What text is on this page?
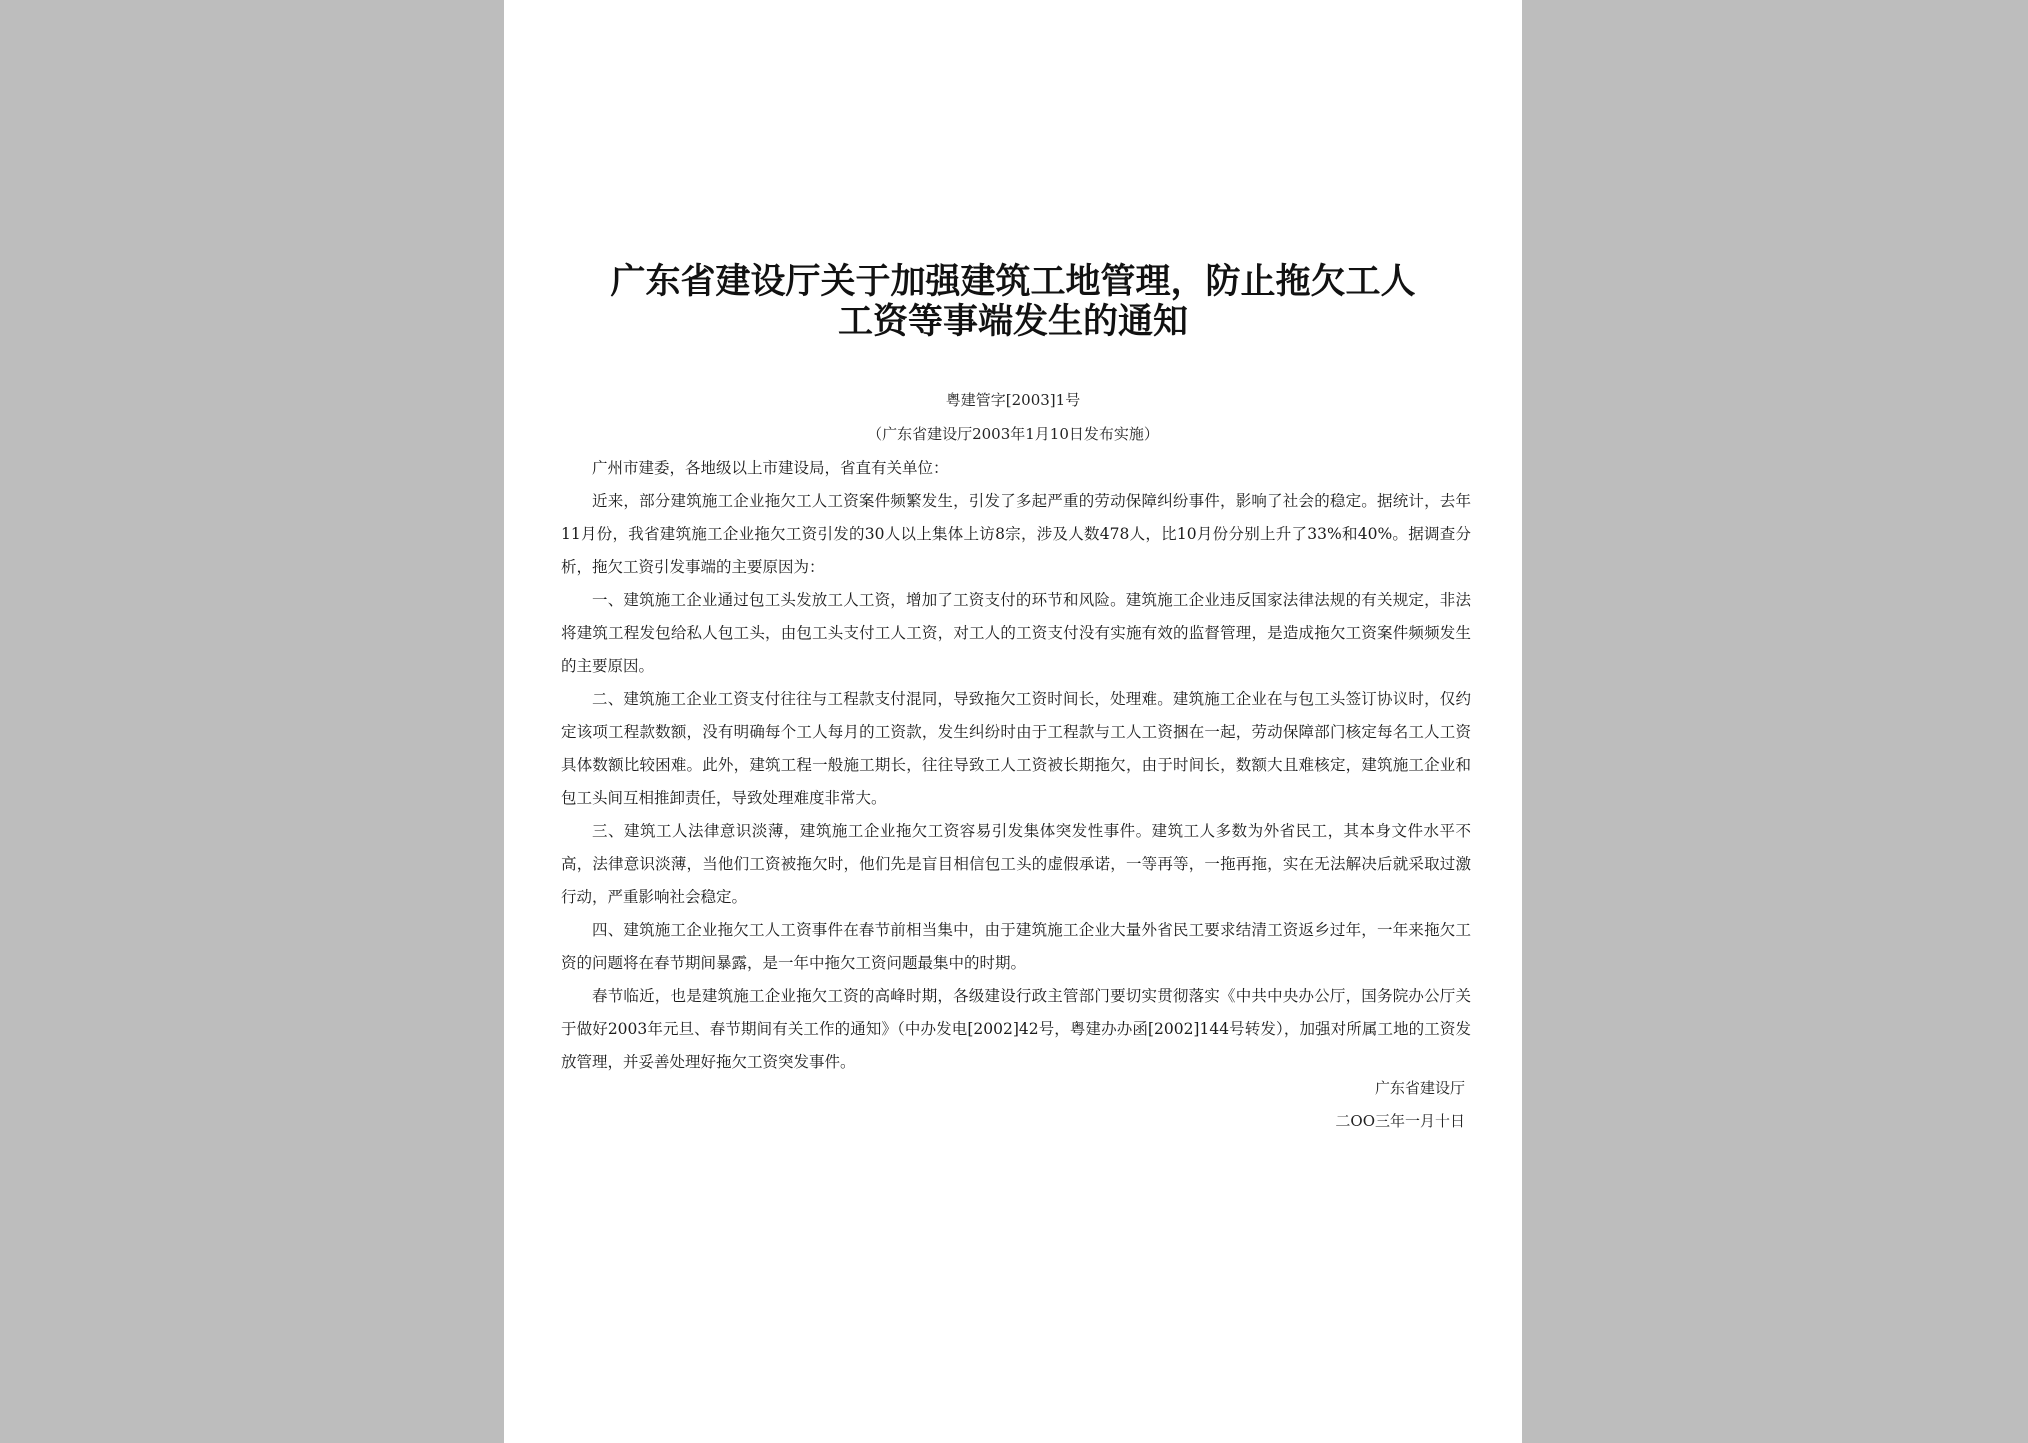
广东省建设厅关于加强建筑工地管理，防止拖欠工人
工资等事端发生的通知
粤建管字[2003]1号
（广东省建设厅2003年1月10日发布实施）

广州市建委，各地级以上市建设局，省直有关单位：

近来，部分建筑施工企业拖欠工人工资案件频繁发生，引发了多起严重的劳动保障纠纷事件，影响了社会的稳定。据统计，去年11月份，我省建筑施工企业拖欠工资引发的30人以上集体上访8宗，涉及人数478人，比10月份分别上升了33%和40%。据调查分析，拖欠工资引发事端的主要原因为：

一、建筑施工企业通过包工头发放工人工资，增加了工资支付的环节和风险。建筑施工企业违反国家法律法规的有关规定，非法将建筑工程发包给私人包工头，由包工头支付工人工资，对工人的工资支付没有实施有效的监督管理，是造成拖欠工资案件频频发生的主要原因。

二、建筑施工企业工资支付往往与工程款支付混同，导致拖欠工资时间长，处理难。建筑施工企业在与包工头签订协议时，仅约定该项工程款数额，没有明确每个工人每月的工资款，发生纠纷时由于工程款与工人工资捆在一起，劳动保障部门核定每名工人工资具体数额比较困难。此外，建筑工程一般施工期长，往往导致工人工资被长期拖欠，由于时间长，数额大且难核定，建筑施工企业和包工头间互相推卸责任，导致处理难度非常大。

三、建筑工人法律意识淡薄，建筑施工企业拖欠工资容易引发集体突发性事件。建筑工人多数为外省民工，其本身文件水平不高，法律意识淡薄，当他们工资被拖欠时，他们先是盲目相信包工头的虚假承诺，一等再等，一拖再拖，实在无法解决后就采取过激行动，严重影响社会稳定。

四、建筑施工企业拖欠工人工资事件在春节前相当集中，由于建筑施工企业大量外省民工要求结清工资返乡过年，一年来拖欠工资的问题将在春节期间暴露，是一年中拖欠工资问题最集中的时期。

春节临近，也是建筑施工企业拖欠工资的高峰时期，各级建设行政主管部门要切实贯彻落实《中共中央办公厅，国务院办公厅关于做好2003年元旦、春节期间有关工作的通知》（中办发电[2002]42号，粤建办办函[2002]144号转发），加强对所属工地的工资发放管理，并妥善处理好拖欠工资突发事件。

广东省建设厅
二OO三年一月十日
